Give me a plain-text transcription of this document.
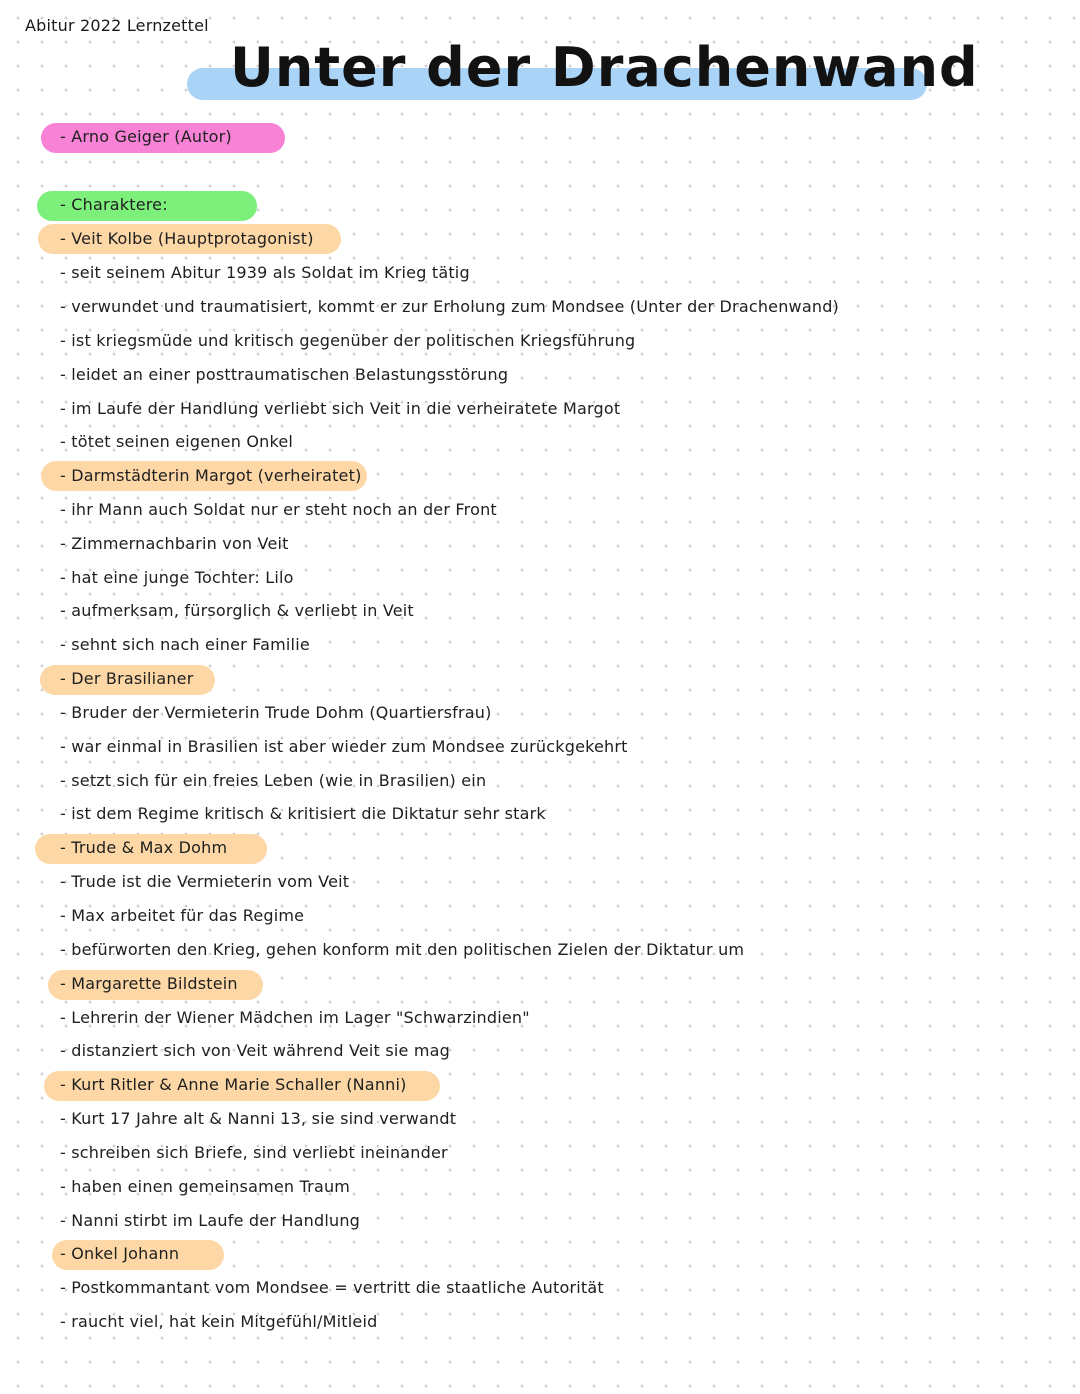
Abitur 2022 Lernzettel
Unter der Drachenwand
- Arno Geiger (Autor)
- Charaktere:
- Veit Kolbe (Hauptprotagonist)
- seit seinem Abitur 1939 als Soldat im Krieg tätig
- verwundet und traumatisiert, kommt er zur Erholung zum Mondsee (Unter der Drachenwand)
- ist kriegsmüde und kritisch gegenüber der politischen Kriegsführung
- leidet an einer posttraumatischen Belastungsstörung
- im Laufe der Handlung verliebt sich Veit in die verheiratete Margot
- tötet seinen eigenen Onkel
- Darmstädterin Margot (verheiratet)
- ihr Mann auch Soldat nur er steht noch an der Front
- Zimmernachbarin von Veit
- hat eine junge Tochter: Lilo
- aufmerksam, fürsorglich & verliebt in Veit
- sehnt sich nach einer Familie
- Der Brasilianer
- Bruder der Vermieterin Trude Dohm (Quartiersfrau)
- war einmal in Brasilien ist aber wieder zum Mondsee zurückgekehrt
- setzt sich für ein freies Leben (wie in Brasilien) ein
- ist dem Regime kritisch & kritisiert die Diktatur sehr stark
- Trude & Max Dohm
- Trude ist die Vermieterin vom Veit
- Max arbeitet für das Regime
- befürworten den Krieg, gehen konform mit den politischen Zielen der Diktatur um
- Margarette Bildstein
- Lehrerin der Wiener Mädchen im Lager "Schwarzindien"
- distanziert sich von Veit während Veit sie mag
- Kurt Ritler & Anne Marie Schaller (Nanni)
- Kurt 17 Jahre alt & Nanni 13, sie sind verwandt
- schreiben sich Briefe, sind verliebt ineinander
- haben einen gemeinsamen Traum
- Nanni stirbt im Laufe der Handlung
- Onkel Johann
- Postkommantant vom Mondsee = vertritt die staatliche Autorität
- raucht viel, hat kein Mitgefühl/Mitleid
